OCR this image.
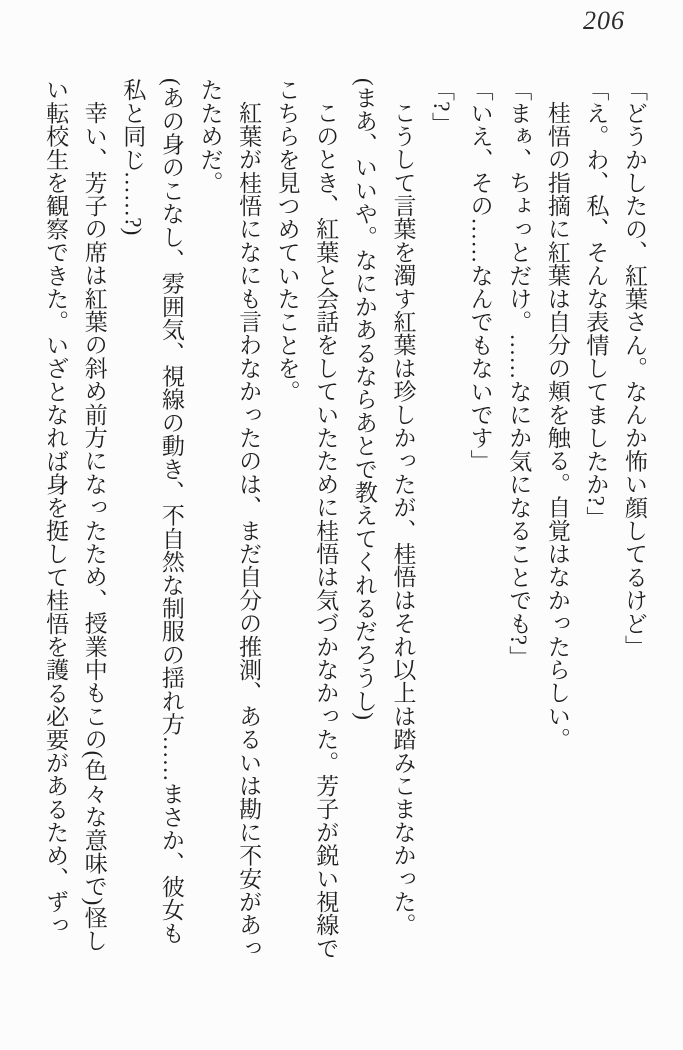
206

「どうかしたの、紅葉さん。なんか怖い顔してるけど」

「え。わ、私、そんな表情してましたか?」

桂悟の指摘に紅葉は自分の頬を触る。自覚はなかったらしい。

「まぁ、ちょっとだけ。……なにか気になることでも?」

「いえ、その……なんでもないです」

「?」

こうして言葉を濁す紅葉は珍しかったが、桂悟はそれ以上は踏みこまなかった。

(まあ、いいや。なにかあるならあとで教えてくれるだろうし)

このとき、紅葉と会話をしていたために桂悟は気づかなかった。芳子が鋭い視線でこちらを見つめていたことを。

紅葉が桂悟になにも言わなかったのは、まだ自分の推測、あるいは勘に不安があったためだ。

(あの身のこなし、雰囲気、視線の動き、不自然な制服の揺れ方……まさか、彼女も私と同じ……?)

幸い、芳子の席は紅葉の斜め前方になったため、授業中もこの(色々な意味で)怪しい転校生を観察できた。いざとなれば身を挺して桂悟を護る必要があるため、ずっ
